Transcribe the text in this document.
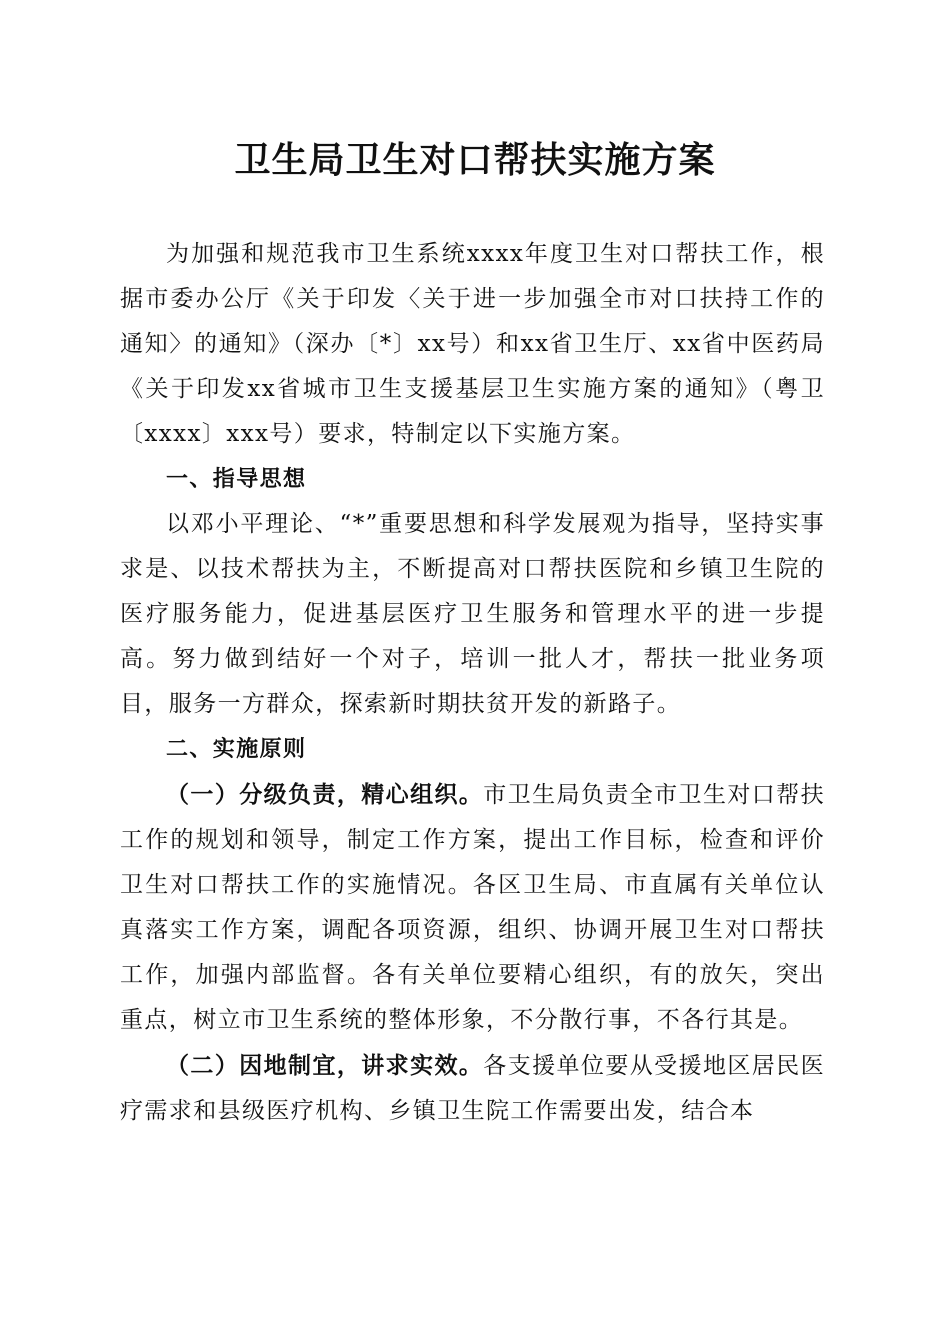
卫生局卫生对口帮扶实施方案

为加强和规范我市卫生系统xxxx年度卫生对口帮扶工作，根据市委办公厅《关于印发〈关于进一步加强全市对口扶持工作的通知〉的通知》（深办〔*〕xx号）和xx省卫生厅、xx省中医药局《关于印发xx省城市卫生支援基层卫生实施方案的通知》（粤卫〔xxxx〕xxx号）要求，特制定以下实施方案。

一、指导思想

以邓小平理论、“*”重要思想和科学发展观为指导，坚持实事求是、以技术帮扶为主，不断提高对口帮扶医院和乡镇卫生院的医疗服务能力，促进基层医疗卫生服务和管理水平的进一步提高。努力做到结好一个对子，培训一批人才，帮扶一批业务项目，服务一方群众，探索新时期扶贫开发的新路子。

二、实施原则

（一）分级负责，精心组织。市卫生局负责全市卫生对口帮扶工作的规划和领导，制定工作方案，提出工作目标，检查和评价卫生对口帮扶工作的实施情况。各区卫生局、市直属有关单位认真落实工作方案，调配各项资源，组织、协调开展卫生对口帮扶工作，加强内部监督。各有关单位要精心组织，有的放矢，突出重点，树立市卫生系统的整体形象，不分散行事，不各行其是。

（二）因地制宜，讲求实效。各支援单位要从受援地区居民医疗需求和县级医疗机构、乡镇卫生院工作需要出发，结合本
